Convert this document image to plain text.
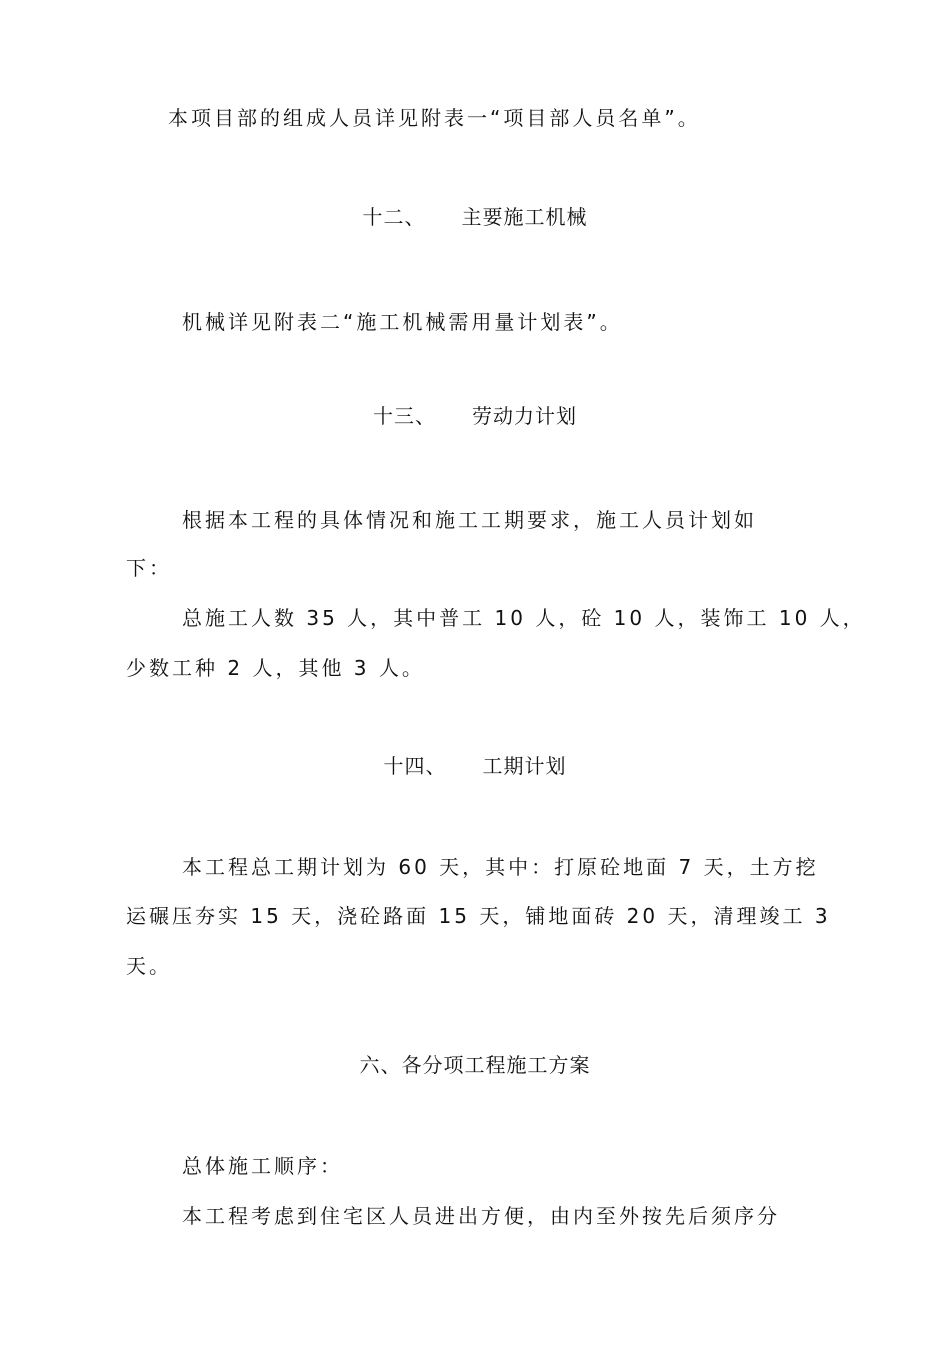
本项目部的组成人员详见附表一“项目部人员名单”。
十二、 主要施工机械
机械详见附表二“施工机械需用量计划表”。
十三、 劳动力计划
根据本工程的具体情况和施工工期要求，施工人员计划如
下：
总施工人数 35 人，其中普工 10 人，砼 10 人，装饰工 10 人，
少数工种 2 人，其他 3 人。
十四、 工期计划
本工程总工期计划为 60 天，其中：打原砼地面 7 天，土方挖
运碾压夯实 15 天，浇砼路面 15 天，铺地面砖 20 天，清理竣工 3
天。
六、各分项工程施工方案
总体施工顺序：
本工程考虑到住宅区人员进出方便，由内至外按先后须序分
